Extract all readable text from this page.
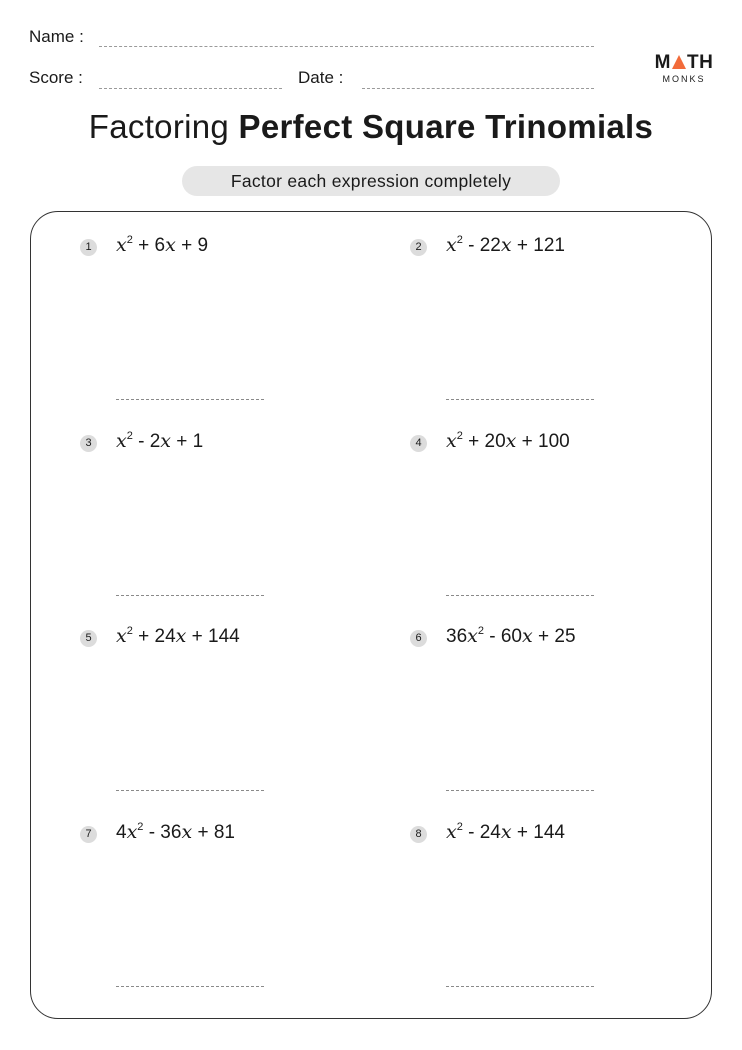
Name :
Score :	Date :
M TH
MONKS
Factoring Perfect Square Trinomials
Factor each expression completely
1 $x^2 + 6x + 9$	2 $x^2 - 22x + 121$
3 $x^2 - 2x + 1$	4 $x^2 + 20x + 100$
5 $x^2 + 24x + 144$	6 $36x^2 - 60x + 25$
7 $4x^2 - 36x + 81$	8 $x^2 - 24x + 144$
